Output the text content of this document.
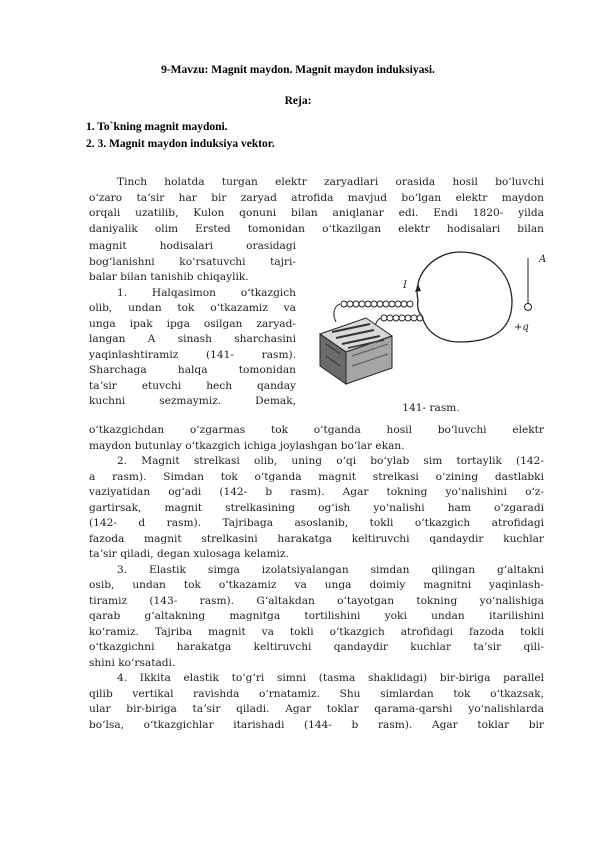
9-Mavzu: Magnit maydon. Magnit maydon induksiyasi.
Reja:
1. To`kning magnit maydoni.
2. 3. Magnit maydon induksiya vektor.
Tinch holatda turgan elektr zaryadlari orasida hosil boʻluvchi
oʻzaro taʼsir har bir zaryad atrofida mavjud boʻlgan elektr maydon
orqali uzatilib, Kulon qonuni bilan aniqlanar edi. Endi 1820- yilda
daniyalik olim Ersted tomonidan oʻtkazilgan elektr hodisalari bilan
magnit hodisalari orasidagi
bogʻlanishni koʻrsatuvchi tajri-
balar bilan tanishib chiqaylik.
1. Halqasimon oʻtkazgich
olib, undan tok oʻtkazamiz va
unga ipak ipga osilgan zaryad-
langan A sinash sharchasini
yaqinlashtiramiz (141- rasm).
Sharchaga halqa tomonidan
taʼsir etuvchi hech qanday
kuchni sezmaymiz. Demak,
A
+q
I
141- rasm.
oʻtkazgichdan oʻzgarmas tok oʻtganda hosil boʻluvchi elektr
maydon butunlay oʻtkazgich ichiga joylashgan boʻlar ekan.
2. Magnit strelkasi olib, uning oʻqi boʻylab sim tortaylik (142-
a rasm). Simdan tok oʻtganda magnit strelkasi oʻzining dastlabki
vaziyatidan ogʻadi (142- b rasm). Agar tokning yoʻnalishini oʻz-
gartirsak, magnit strelkasining ogʻish yoʻnalishi ham oʻzgaradi
(142- d rasm). Tajribaga asoslanib, tokli oʻtkazgich atrofidagi
fazoda magnit strelkasini harakatga keltiruvchi qandaydir kuchlar
taʼsir qiladi, degan xulosaga kelamiz.
3. Elastik simga izolatsiyalangan simdan qilingan gʻaltakni
osib, undan tok oʻtkazamiz va unga doimiy magnitni yaqinlash-
tiramiz (143- rasm). Gʻaltakdan oʻtayotgan tokning yoʻnalishiga
qarab gʻaltakning magnitga tortilishini yoki undan itarilishini
koʻramiz. Tajriba magnit va tokli oʻtkazgich atrofidagi fazoda tokli
oʻtkazgichni harakatga keltiruvchi qandaydir kuchlar taʼsir qili-
shini koʻrsatadi.
4. Ikkita elastik toʻgʻri simni (tasma shaklidagi) bir-biriga parallel
qilib vertikal ravishda oʻrnatamiz. Shu simlardan tok oʻtkazsak,
ular bir-biriga taʼsir qiladi. Agar toklar qarama-qarshi yoʻnalishlarda
boʻlsa, oʻtkazgichlar itarishadi (144- b rasm). Agar toklar bir
